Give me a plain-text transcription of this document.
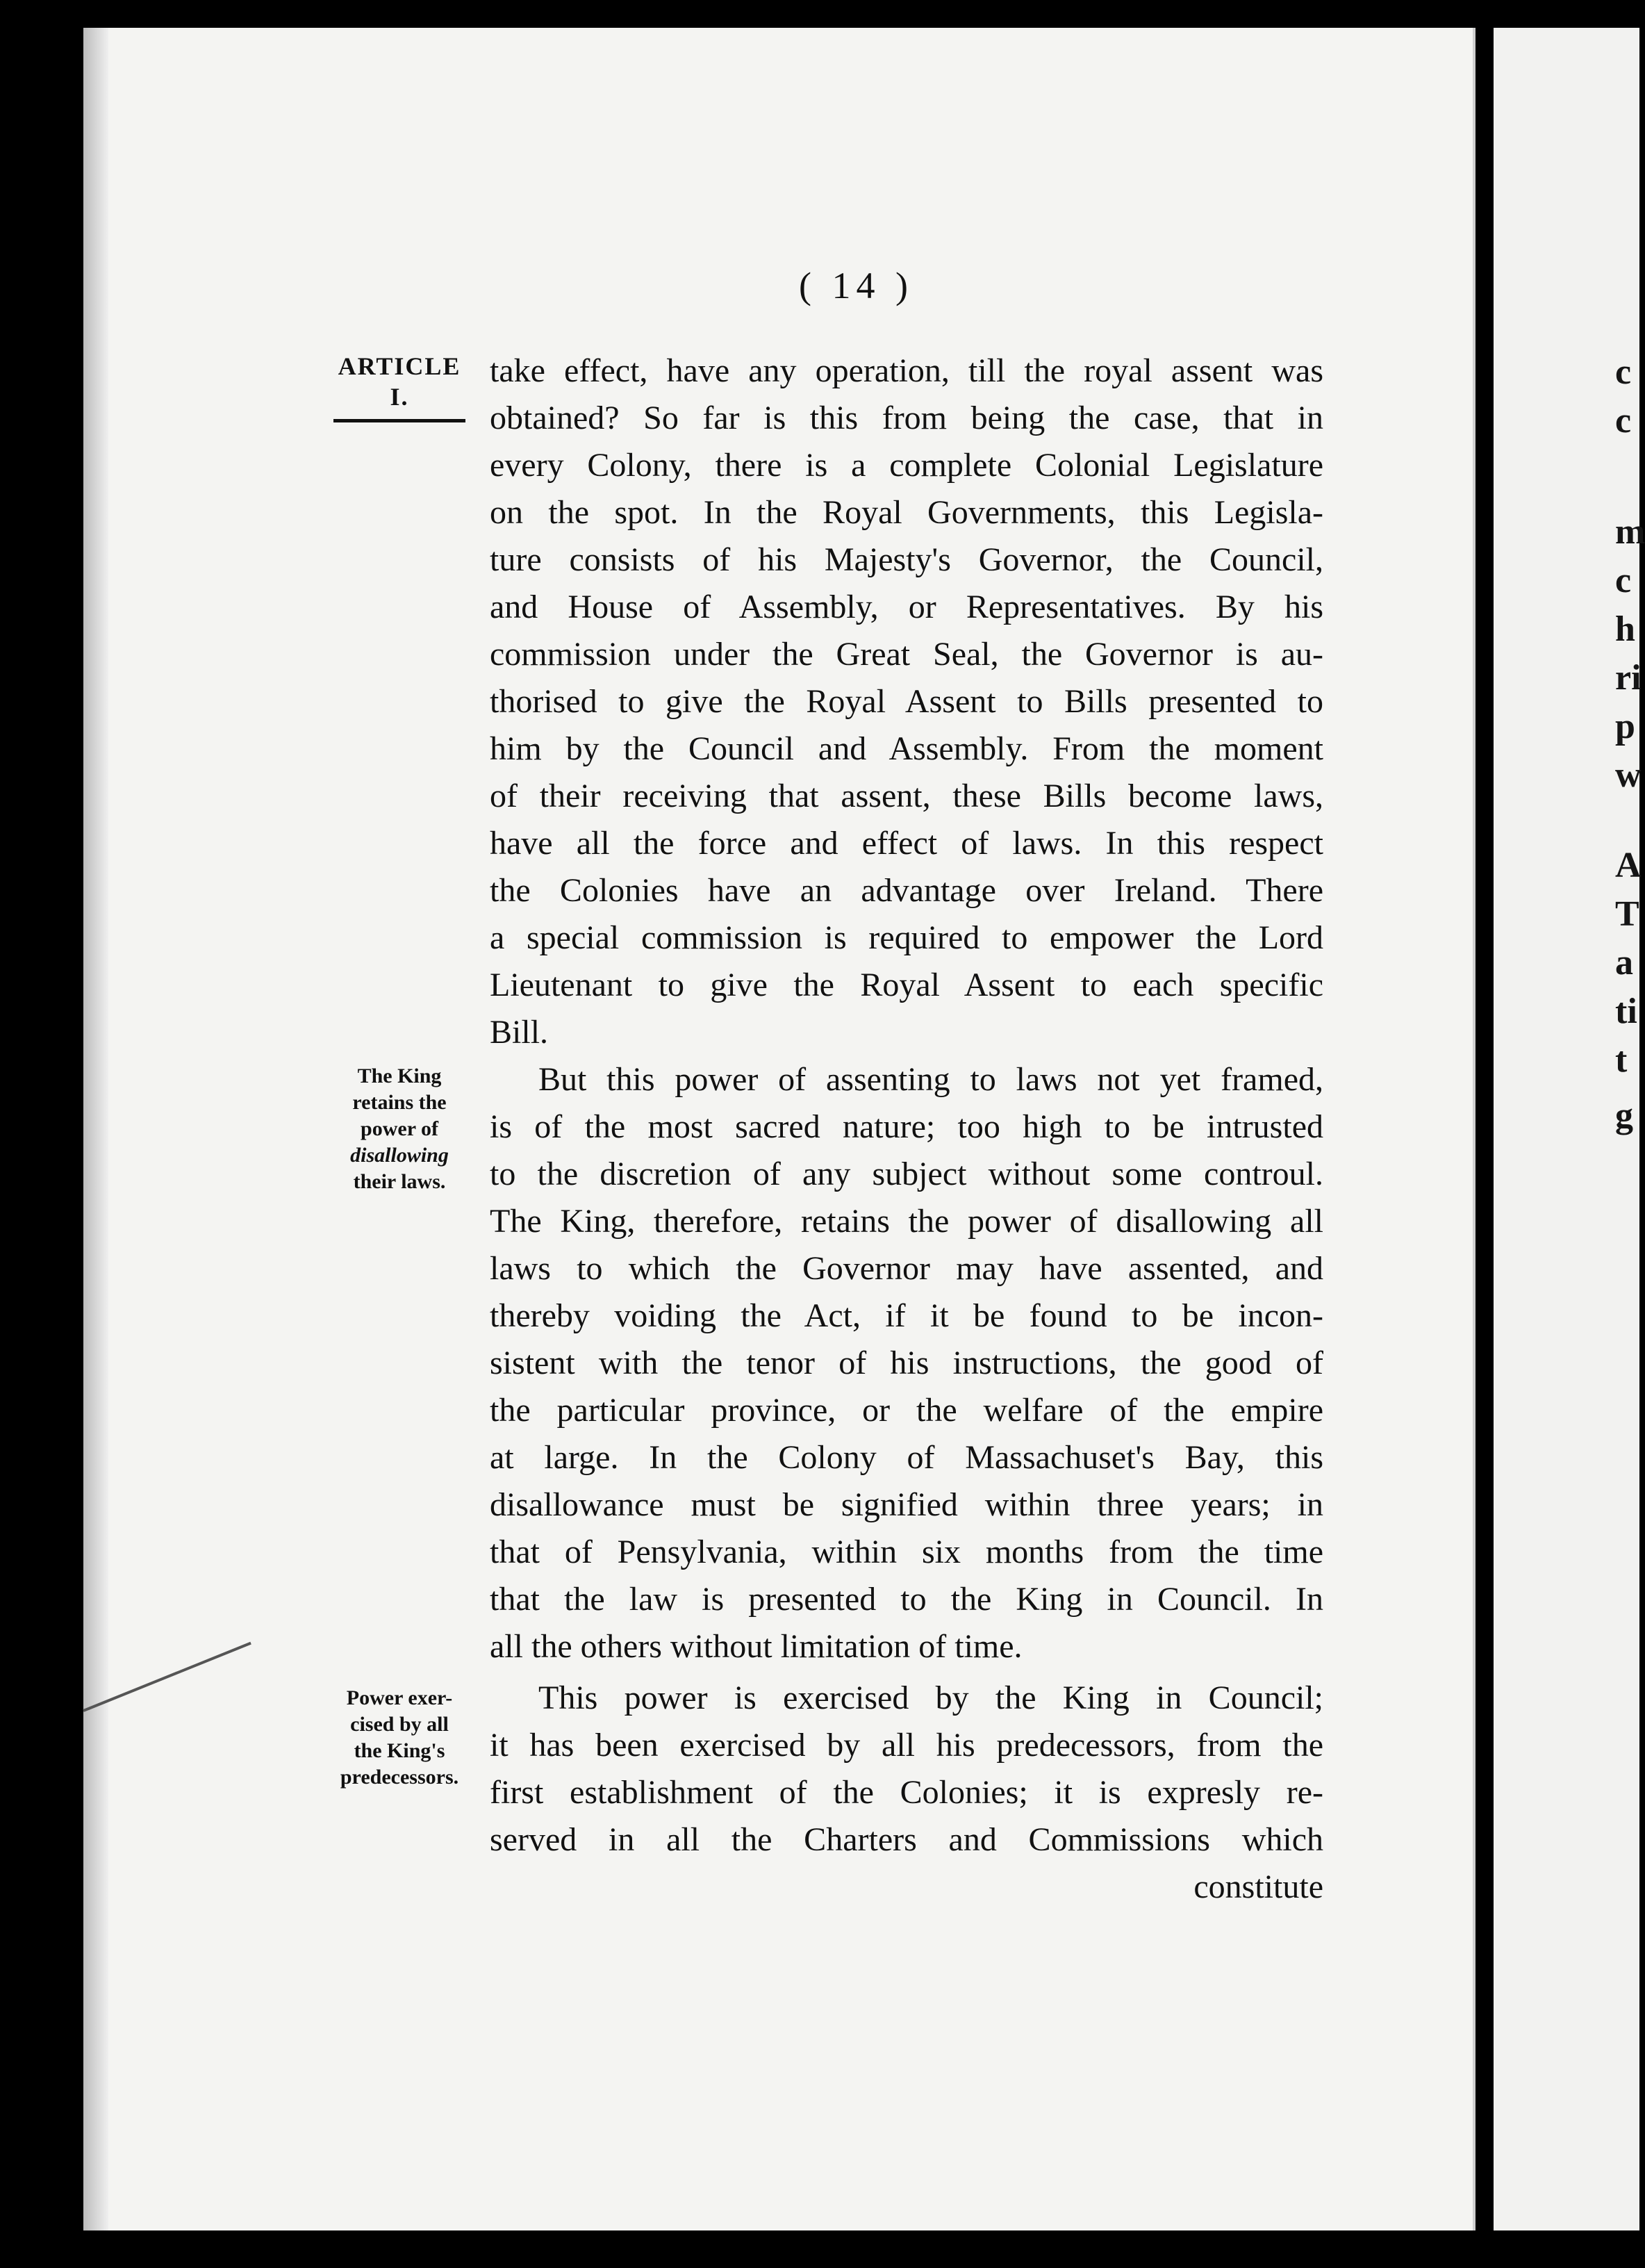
c
c
m
c
h
ri
p
w
A
T
a
ti
t
g
( 14 )
ARTICLE
I.
The King
retains the
power of
disallowing
their laws.
Power exer-
cised by all
the King's
predecessors.
take effect, have any operation, till the royal assent was
obtained? So far is this from being the case, that in
every Colony, there is a complete Colonial Legislature
on the spot. In the Royal Governments, this Legisla-
ture consists of his Majesty's Governor, the Council,
and House of Assembly, or Representatives. By his
commission under the Great Seal, the Governor is au-
thorised to give the Royal Assent to Bills presented to
him by the Council and Assembly. From the moment
of their receiving that assent, these Bills become laws,
have all the force and effect of laws. In this respect
the Colonies have an advantage over Ireland. There
a special commission is required to empower the Lord
Lieutenant to give the Royal Assent to each specific
Bill.
But this power of assenting to laws not yet framed,
is of the most sacred nature; too high to be intrusted
to the discretion of any subject without some controul.
The King, therefore, retains the power of disallowing all
laws to which the Governor may have assented, and
thereby voiding the Act, if it be found to be incon-
sistent with the tenor of his instructions, the good of
the particular province, or the welfare of the empire
at large. In the Colony of Massachuset's Bay, this
disallowance must be signified within three years; in
that of Pensylvania, within six months from the time
that the law is presented to the King in Council. In
all the others without limitation of time.
This power is exercised by the King in Council;
it has been exercised by all his predecessors, from the
first establishment of the Colonies; it is expresly re-
served in all the Charters and Commissions which
constitute
